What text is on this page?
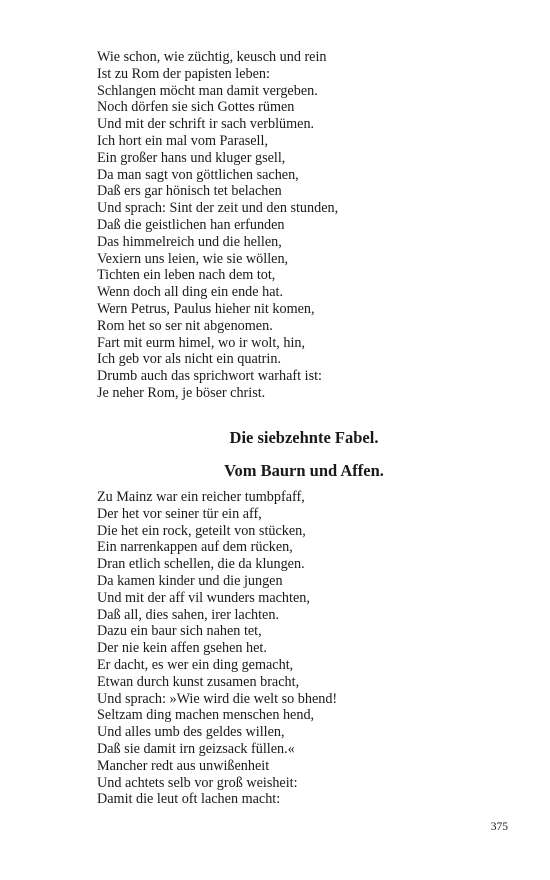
Wie schon, wie züchtig, keusch und rein
Ist zu Rom der papisten leben:
Schlangen möcht man damit vergeben.
Noch dörfen sie sich Gottes rümen
Und mit der schrift ir sach verblümen.
Ich hort ein mal vom Parasell,
Ein großer hans und kluger gsell,
Da man sagt von göttlichen sachen,
Daß ers gar hönisch tet belachen
Und sprach: Sint der zeit und den stunden,
Daß die geistlichen han erfunden
Das himmelreich und die hellen,
Vexiern uns leien, wie sie wöllen,
Tichten ein leben nach dem tot,
Wenn doch all ding ein ende hat.
Wern Petrus, Paulus hieher nit komen,
Rom het so ser nit abgenomen.
Fart mit eurm himel, wo ir wolt, hin,
Ich geb vor als nicht ein quatrin.
Drumb auch das sprichwort warhaft ist:
Je neher Rom, je böser christ.
Die siebzehnte Fabel.
Vom Baurn und Affen.
Zu Mainz war ein reicher tumbpfaff,
Der het vor seiner tür ein aff,
Die het ein rock, geteilt von stücken,
Ein narrenkappen auf dem rücken,
Dran etlich schellen, die da klungen.
Da kamen kinder und die jungen
Und mit der aff vil wunders machten,
Daß all, dies sahen, irer lachten.
Dazu ein baur sich nahen tet,
Der nie kein affen gsehen het.
Er dacht, es wer ein ding gemacht,
Etwan durch kunst zusamen bracht,
Und sprach: »Wie wird die welt so bhend!
Seltzam ding machen menschen hend,
Und alles umb des geldes willen,
Daß sie damit irn geizsack füllen.«
Mancher redt aus unwißenheit
Und achtets selb vor groß weisheit:
Damit die leut oft lachen macht:
375
